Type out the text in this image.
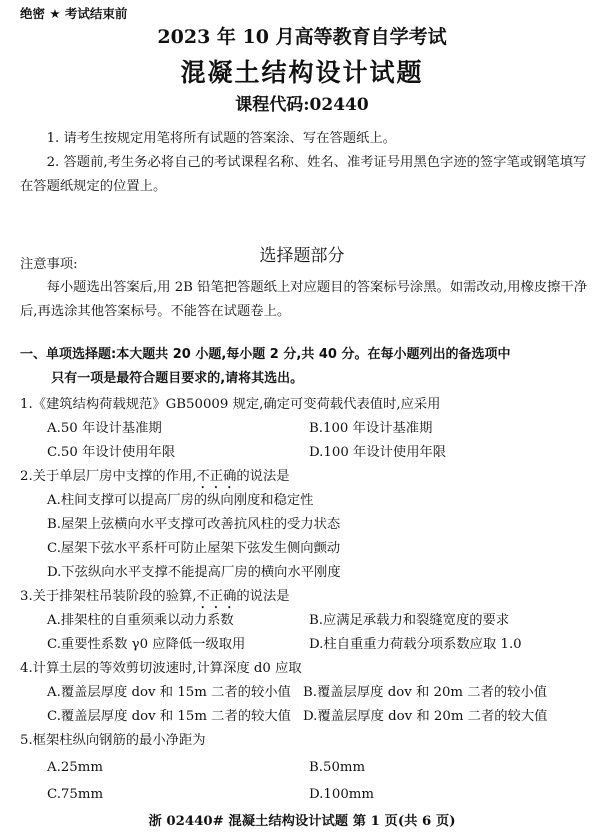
绝密 ★ 考试结束前
2023 年 10 月高等教育自学考试
混凝土结构设计试题
课程代码:02440
1. 请考生按规定用笔将所有试题的答案涂、写在答题纸上。
2. 答题前,考生务必将自己的考试课程名称、姓名、准考证号用黑色字迹的签字笔或钢笔填写在答题纸规定的位置上。
选择题部分
注意事项:
每小题选出答案后,用 2B 铅笔把答题纸上对应题目的答案标号涂黑。如需改动,用橡皮擦干净后,再选涂其他答案标号。不能答在试题卷上。
一、单项选择题:本大题共 20 小题,每小题 2 分,共 40 分。在每小题列出的备选项中
只有一项是最符合题目要求的,请将其选出。
1.《建筑结构荷载规范》GB50009 规定,确定可变荷载代表值时,应采用
A.50 年设计基准期	B.100 年设计基准期
C.50 年设计使用年限	D.100 年设计使用年限
2.关于单层厂房中支撑的作用,不正确的说法是
A.柱间支撑可以提高厂房的纵向刚度和稳定性
B.屋架上弦横向水平支撑可改善抗风柱的受力状态
C.屋架下弦水平系杆可防止屋架下弦发生侧向颤动
D.下弦纵向水平支撑不能提高厂房的横向水平刚度
3.关于排架柱吊装阶段的验算,不正确的说法是
A.排架柱的自重须乘以动力系数	B.应满足承载力和裂缝宽度的要求
C.重要性系数 γ0 应降低一级取用	D.柱自重重力荷载分项系数应取 1.0
4.计算土层的等效剪切波速时,计算深度 d0 应取
A.覆盖层厚度 dov 和 15m 二者的较小值 B.覆盖层厚度 dov 和 20m 二者的较小值
C.覆盖层厚度 dov 和 15m 二者的较大值 D.覆盖层厚度 dov 和 20m 二者的较大值
5.框架柱纵向钢筋的最小净距为
A.25mm	B.50mm
C.75mm	D.100mm
浙 02440# 混凝土结构设计试题 第 1 页(共 6 页)
